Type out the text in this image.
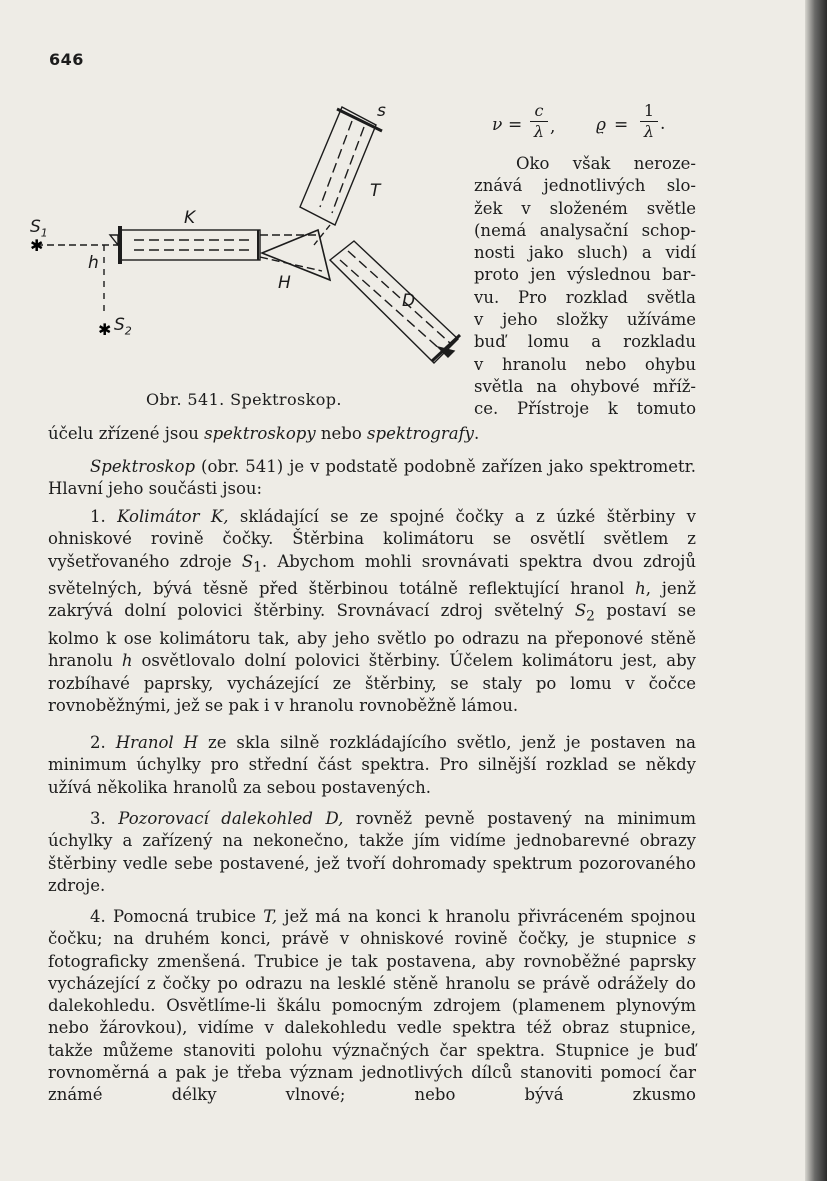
646
✱
✱
s
T
K
$S_1$
h
H
D
$S_2$
Obr. 541. Spektroskop.
ν =
c
λ , ϱ =
1
λ .
Oko však neroze-
znává jednotlivých slo-
žek v složeném světle
(nemá analysační schop-
nosti jako sluch) a vidí
proto jen výslednou bar-
vu. Pro rozklad světla
v jeho složky užíváme
buď lomu a rozkladu
v hranolu nebo ohybu
světla na ohybové mříž-
ce. Přístroje k tomuto
účelu zřízené jsou spektroskopy nebo spektrografy.

Spektroskop (obr. 541) je v podstatě podobně zařízen jako spektrometr. Hlavní jeho součásti jsou:

1. Kolimátor K, skládající se ze spojné čočky a z úzké štěrbiny v ohniskové rovině čočky. Štěrbina kolimátoru se osvětlí světlem z vyšetřovaného zdroje $S_1$. Abychom mohli srovnávati spektra dvou zdrojů světelných, bývá těsně před štěrbinou totálně reflektující hranol h, jenž zakrývá dolní polovici štěrbiny. Srovnávací zdroj světelný $S_2$ postaví se kolmo k ose kolimátoru tak, aby jeho světlo po odrazu na přeponové stěně hranolu h osvětlovalo dolní polovici štěrbiny. Účelem kolimátoru jest, aby rozbíhavé paprsky, vycházející ze štěrbiny, se staly po lomu v čočce rovnoběžnými, jež se pak i v hranolu rovnoběžně lámou.

2. Hranol H ze skla silně rozkládajícího světlo, jenž je postaven na minimum úchylky pro střední část spektra. Pro silnější rozklad se někdy užívá několika hranolů za sebou postavených.

3. Pozorovací dalekohled D, rovněž pevně postavený na minimum úchylky a zařízený na nekonečno, takže jím vidíme jednobarevné obrazy štěrbiny vedle sebe postavené, jež tvoří dohromady spektrum pozorovaného zdroje.

4. Pomocná trubice T, jež má na konci k hranolu přivráceném spojnou čočku; na druhém konci, právě v ohniskové rovině čočky, je stupnice s fotograficky zmenšená. Trubice je tak postavena, aby rovnoběžné paprsky vycházející z čočky po odrazu na lesklé stěně hranolu se právě odrážely do dalekohledu. Osvětlíme-li škálu pomocným zdrojem (plamenem plynovým nebo žárovkou), vidíme v dalekohledu vedle spektra též obraz stupnice, takže můžeme stanoviti polohu význačných čar spektra. Stupnice je buď rovnoměrná a pak je třeba význam jednotlivých dílců stanoviti pomocí čar známé délky vlnové; nebo bývá zkusmo
